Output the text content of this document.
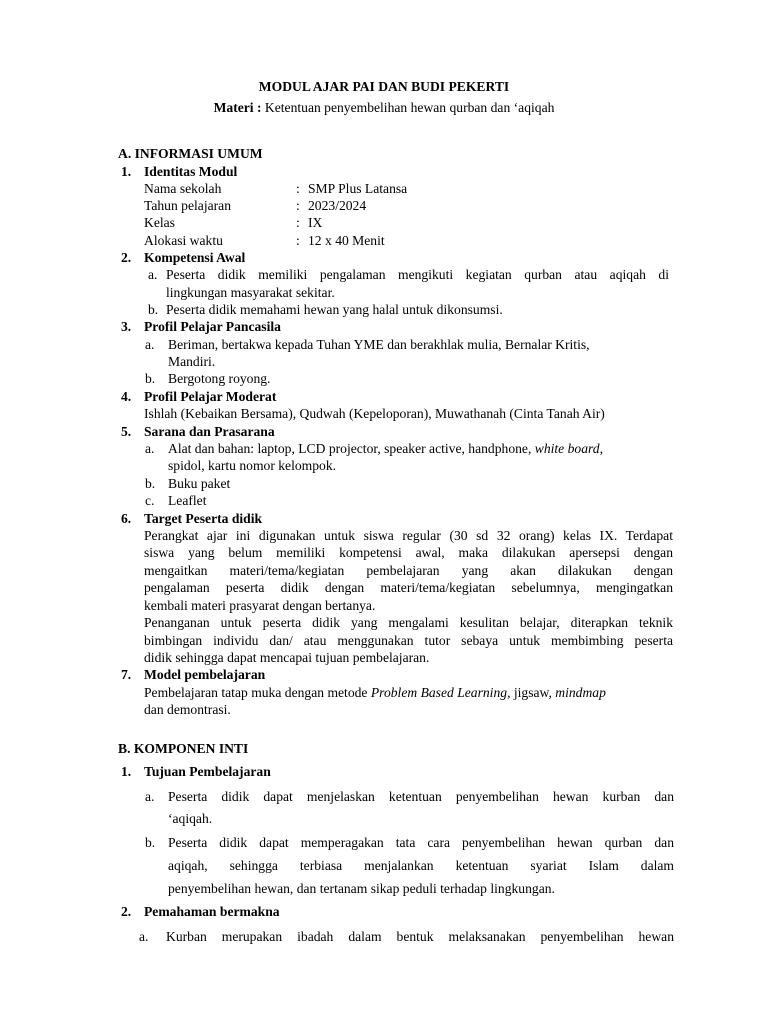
MODUL AJAR PAI DAN BUDI PEKERTI
Materi : Ketentuan penyembelihan hewan qurban dan ‘aqiqah
A. INFORMASI UMUM
1. Identitas Modul
Nama sekolah	: SMP Plus Latansa
Tahun pelajaran	: 2023/2024
Kelas	: IX
Alokasi waktu	: 12 x 40 Menit
2. Kompetensi Awal
a. Peserta didik memiliki pengalaman mengikuti kegiatan qurban atau aqiqah di
lingkungan masyarakat sekitar.
b. Peserta didik memahami hewan yang halal untuk dikonsumsi.
3. Profil Pelajar Pancasila
a. Beriman, bertakwa kepada Tuhan YME dan berakhlak mulia, Bernalar Kritis,
Mandiri.
b. Bergotong royong.
4. Profil Pelajar Moderat
Ishlah (Kebaikan Bersama), Qudwah (Kepeloporan), Muwathanah (Cinta Tanah Air)
5. Sarana dan Prasarana
a. Alat dan bahan: laptop, LCD projector, speaker active, handphone, white board,
spidol, kartu nomor kelompok.
b. Buku paket
c. Leaflet
6. Target Peserta didik
Perangkat ajar ini digunakan untuk siswa regular (30 sd 32 orang) kelas IX. Terdapat
siswa yang belum memiliki kompetensi awal, maka dilakukan apersepsi dengan
mengaitkan materi/tema/kegiatan pembelajaran yang akan dilakukan dengan
pengalaman peserta didik dengan materi/tema/kegiatan sebelumnya, mengingatkan
kembali materi prasyarat dengan bertanya.
Penanganan untuk peserta didik yang mengalami kesulitan belajar, diterapkan teknik
bimbingan individu dan/ atau menggunakan tutor sebaya untuk membimbing peserta
didik sehingga dapat mencapai tujuan pembelajaran.
7. Model pembelajaran
Pembelajaran tatap muka dengan metode Problem Based Learning, jigsaw, mindmap
dan demontrasi.
B. KOMPONEN INTI
1. Tujuan Pembelajaran
a. Peserta didik dapat menjelaskan ketentuan penyembelihan hewan kurban dan
‘aqiqah.
b. Peserta didik dapat memperagakan tata cara penyembelihan hewan qurban dan
aqiqah, sehingga terbiasa menjalankan ketentuan syariat Islam dalam
penyembelihan hewan, dan tertanam sikap peduli terhadap lingkungan.
2. Pemahaman bermakna
a. Kurban merupakan ibadah dalam bentuk melaksanakan penyembelihan hewan
